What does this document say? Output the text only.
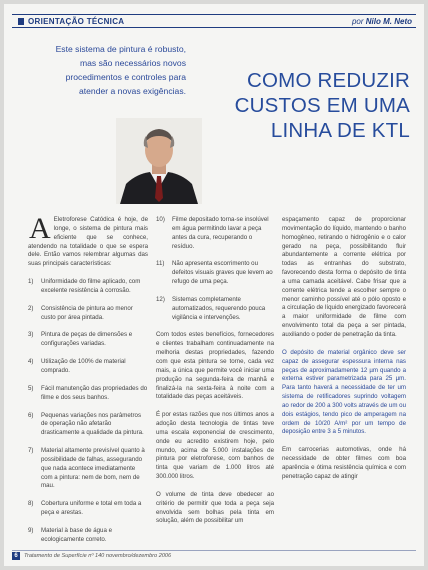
ORIENTAÇÃO TÉCNICA	por Nilo M. Neto
Este sistema de pintura é robusto,
mas são necessários novos
procedimentos e controles para
atender a novas exigências.	COMO REDUZIR
CUSTOS EM UMA
LINHA DE KTL

A Eletroforese Catódica é hoje, de longe, o sistema de pintura mais eficiente que se conhece, atendendo na totalidade o que se espera dele. Então vamos relembrar algumas das suas principais características:

1) Uniformidade do filme aplicado, com excelente resistência à corrosão.
2) Consistência de pintura ao menor custo por área pintada.
3) Pintura de peças de dimensões e configurações variadas.
4) Utilização de 100% de material comprado.
5) Fácil manutenção das propriedades do filme e dos seus banhos.
6) Pequenas variações nos parâmetros de operação não afetarão drasticamente a qualidade da pintura.
7) Material altamente previsível quanto à possibilidade de falhas, assegurando que nada acontece imediatamente com a pintura: nem de bom, nem de mau.
8) Cobertura uniforme e total em toda a peça e arestas.
9) Material à base de água e ecologicamente correto.
10) Filme depositado torna-se insolúvel em água permitindo lavar a peça antes da cura, recuperando o resíduo.
11) Não apresenta escorrimento ou defeitos visuais graves que levem ao refugo de uma peça.
12) Sistemas completamente automatizados, requerendo pouca vigilância e intervenções.

Com todos estes benefícios, fornecedores e clientes trabalham continuadamente na melhoria destas propriedades, fazendo com que esta pintura se torne, cada vez mais, a única que permite você iniciar uma produção na segunda-feira de manhã e finalizá-la na sexta-feira à noite com a totalidade das peças aceitáveis.

É por estas razões que nos últimos anos a adoção desta tecnologia de tintas teve uma escala exponencial de crescimento, onde eu acredito existirem hoje, pelo mundo, acima de 5.000 instalações de pintura por eletroforese, com banhos de tinta que variam de 1.000 litros até 300.000 litros.

O volume de tinta deve obedecer ao critério de permitir que toda a peça seja envolvida sem bolhas pela tinta em solução, além de possibilitar um

espaçamento capaz de proporcionar movimentação do líquido, mantendo o banho homogêneo, retirando o hidrogênio e o calor gerado na peça, possibilitando fluir abundantemente a corrente elétrica por todas as entranhas do substrato, favorecendo desta forma o depósito de tinta a uma camada aceitável. Cabe frisar que a corrente elétrica tende a escolher sempre o menor caminho possível até o pólo oposto e a circulação de líquido energizado favorecerá a maior uniformidade de filme com envolvimento total da peça a ser pintada, auxiliando o poder de penetração da tinta.

O depósito de material orgânico deve ser capaz de assegurar espessura interna nas peças de aproximadamente 12 µm quando a externa estiver parametrizada para 25 µm. Para tanto haverá a necessidade de ter um sistema de retificadores suprindo voltagem ao redor de 200 a 300 volts através de um ou dois estágios, tendo pico de amperagem na ordem de 10/20 A/m² por um tempo de deposição entre 3 a 5 minutos.

Em carrocerias automotivas, onde há necessidade de obter filmes com boa aparência e ótima resistência química e com penetração capaz de atingir

6	Tratamento de Superfície nº 140 novembro/dezembro 2006
